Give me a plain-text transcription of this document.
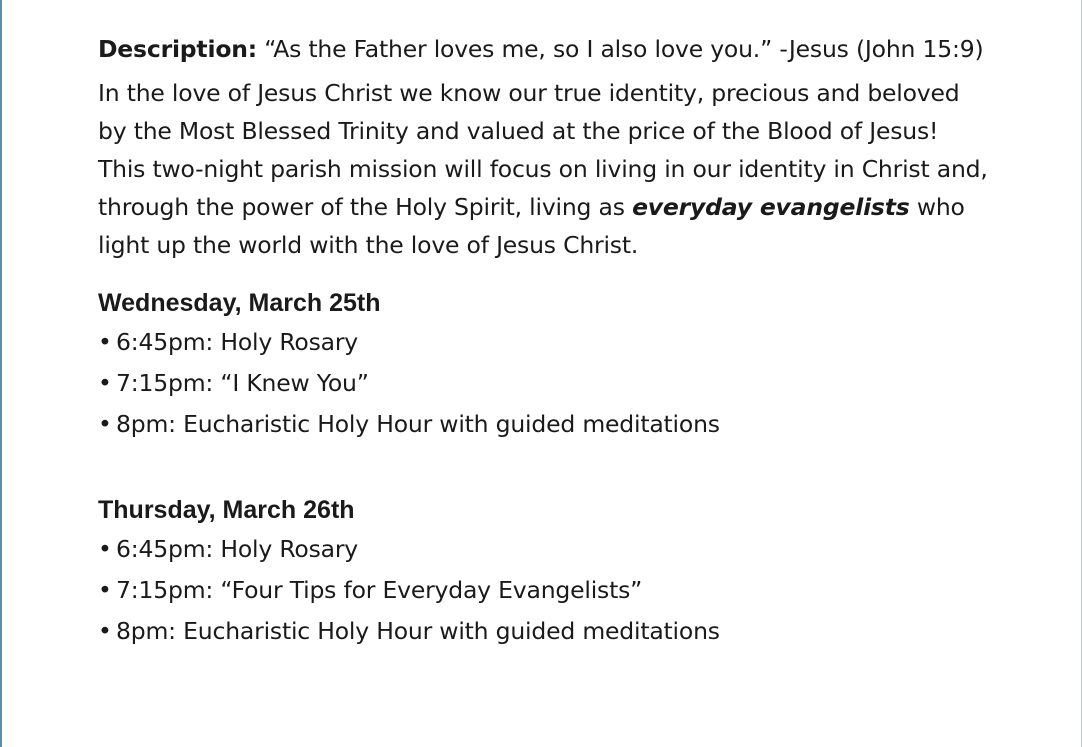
Description: “As the Father loves me, so I also love you.” -Jesus (John 15:9)

In the love of Jesus Christ we know our true identity, precious and beloved
by the Most Blessed Trinity and valued at the price of the Blood of Jesus!
This two-night parish mission will focus on living in our identity in Christ and,
through the power of the Holy Spirit, living as everyday evangelists who
light up the world with the love of Jesus Christ.

Wednesday, March 25th
• 6:45pm: Holy Rosary
• 7:15pm: “I Knew You”
• 8pm: Eucharistic Holy Hour with guided meditations
Thursday, March 26th
• 6:45pm: Holy Rosary
• 7:15pm: “Four Tips for Everyday Evangelists”
• 8pm: Eucharistic Holy Hour with guided meditations
